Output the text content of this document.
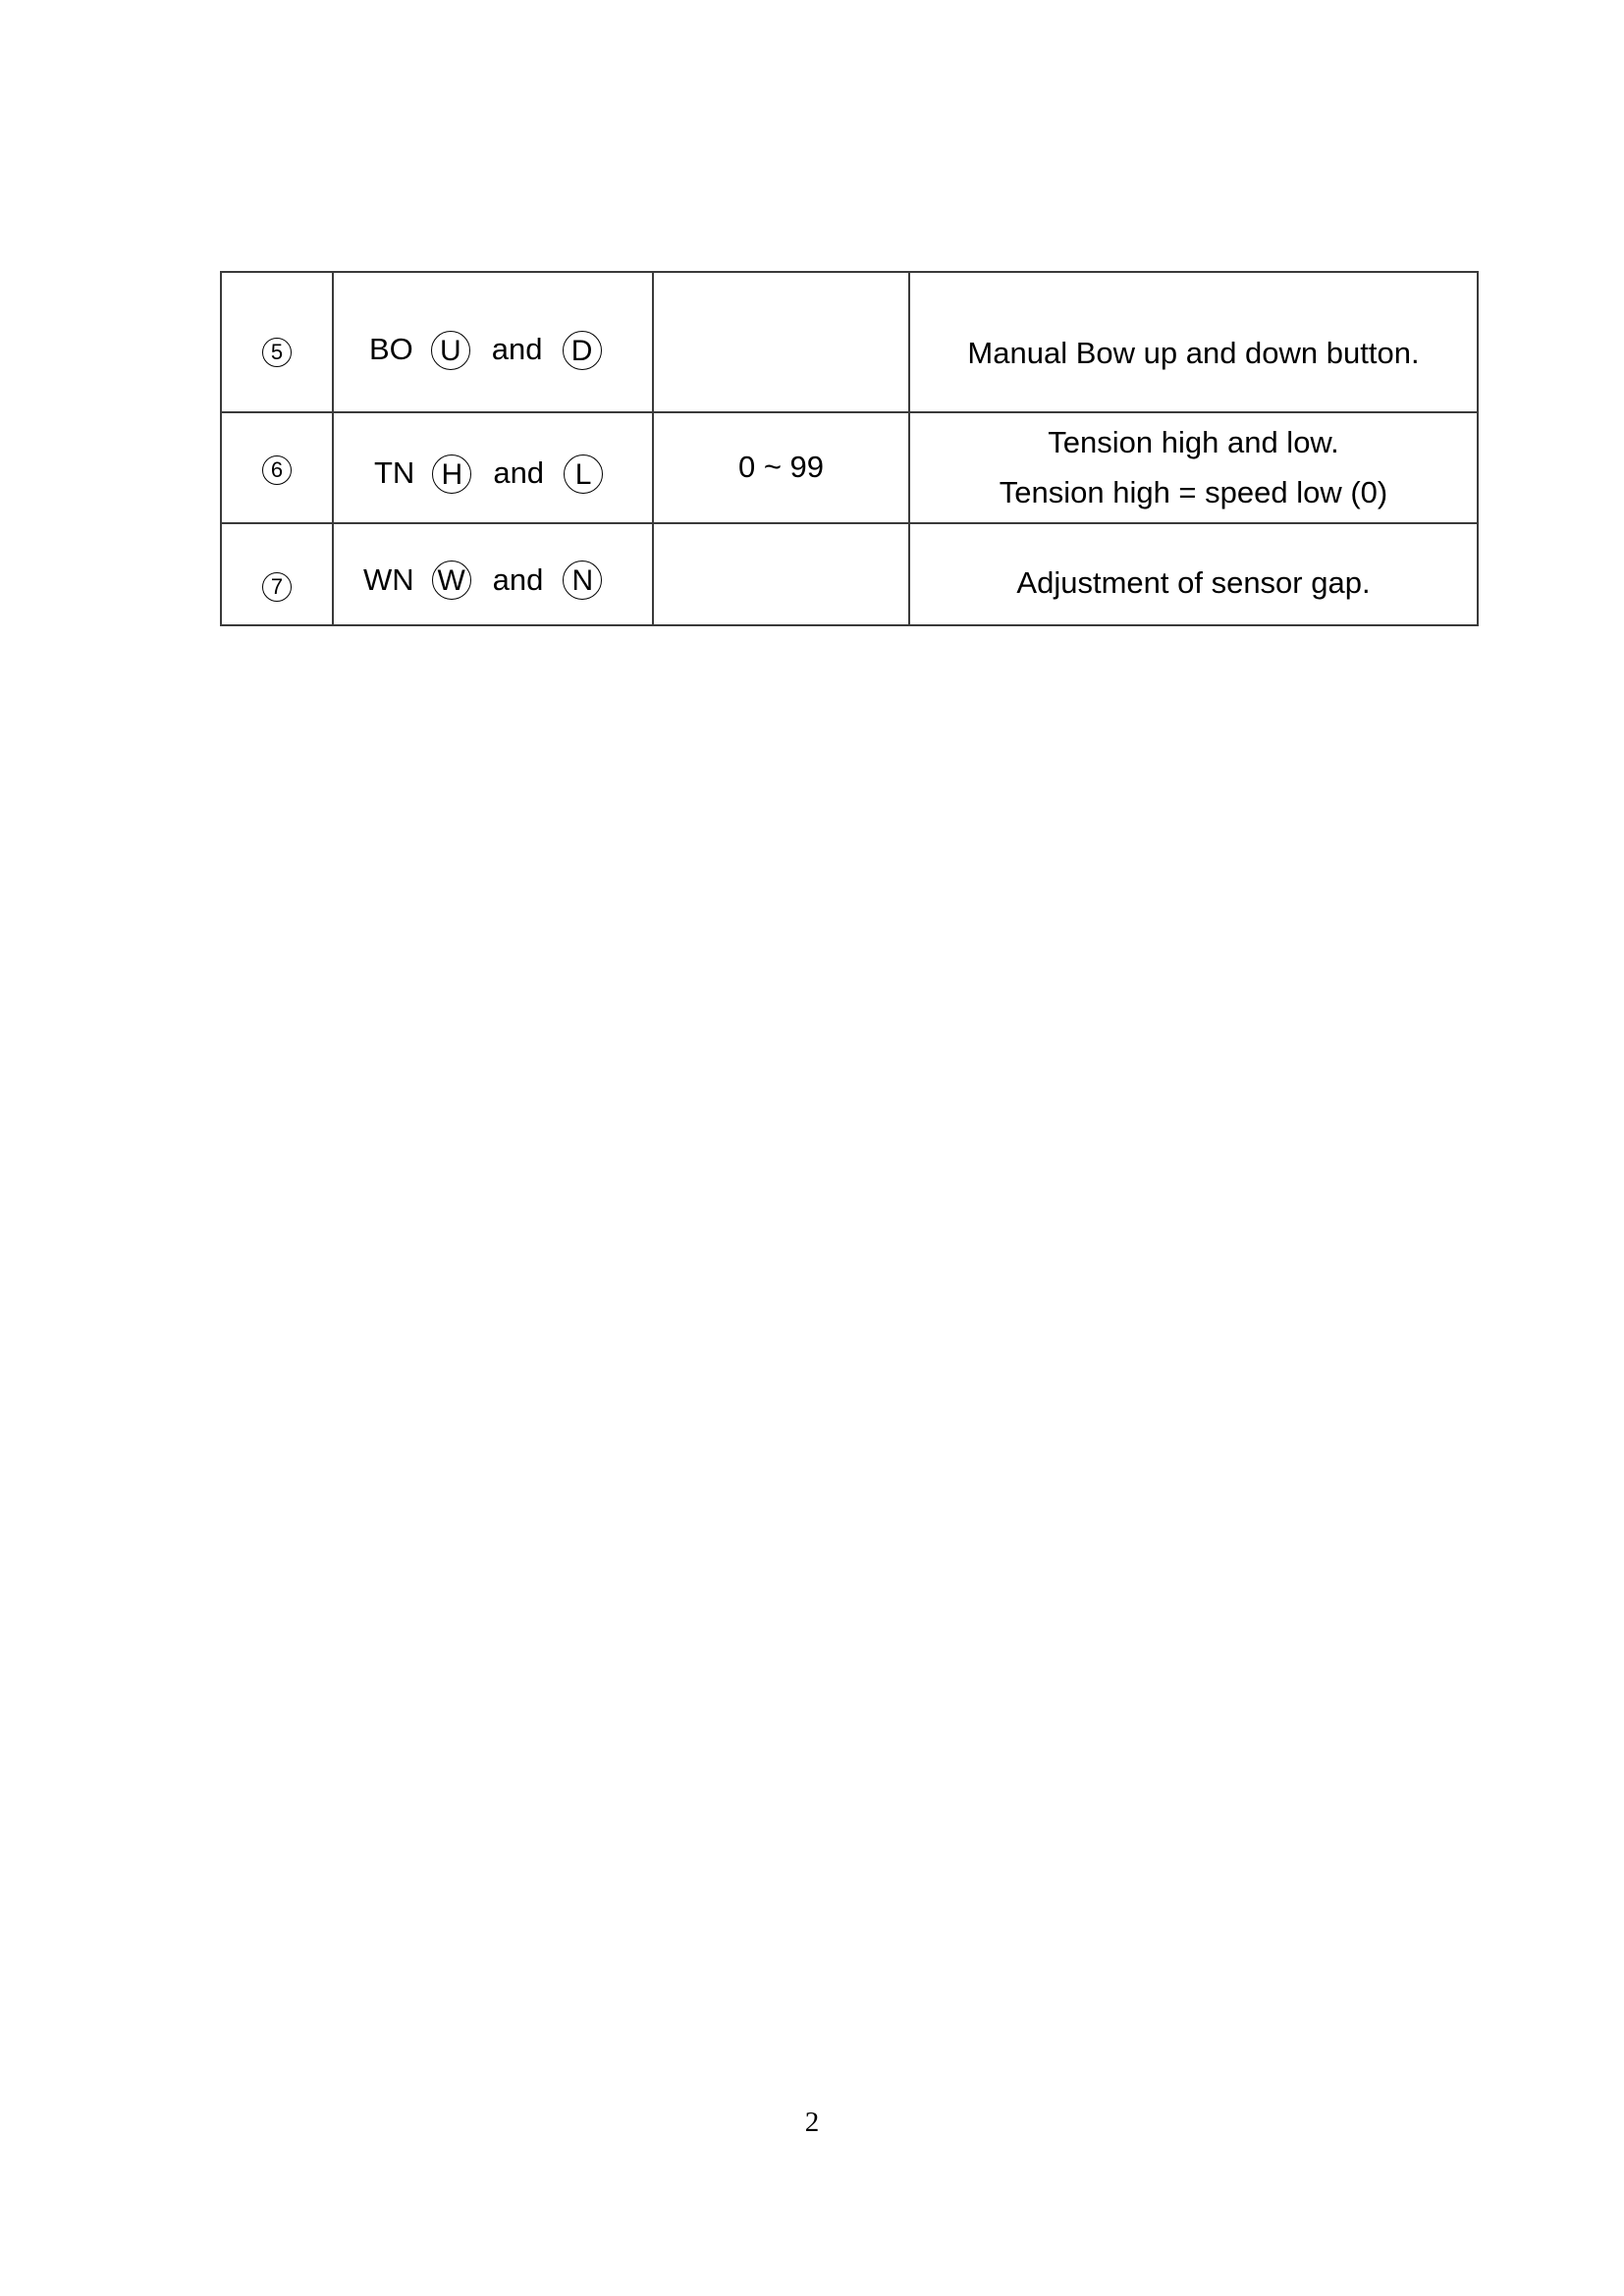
5	BO U and D		Manual Bow up and down button.

6	TN H and L	0 ~ 99	Tension high and low.
Tension high = speed low (0)

7	WN W and N		Adjustment of sensor gap.
2
